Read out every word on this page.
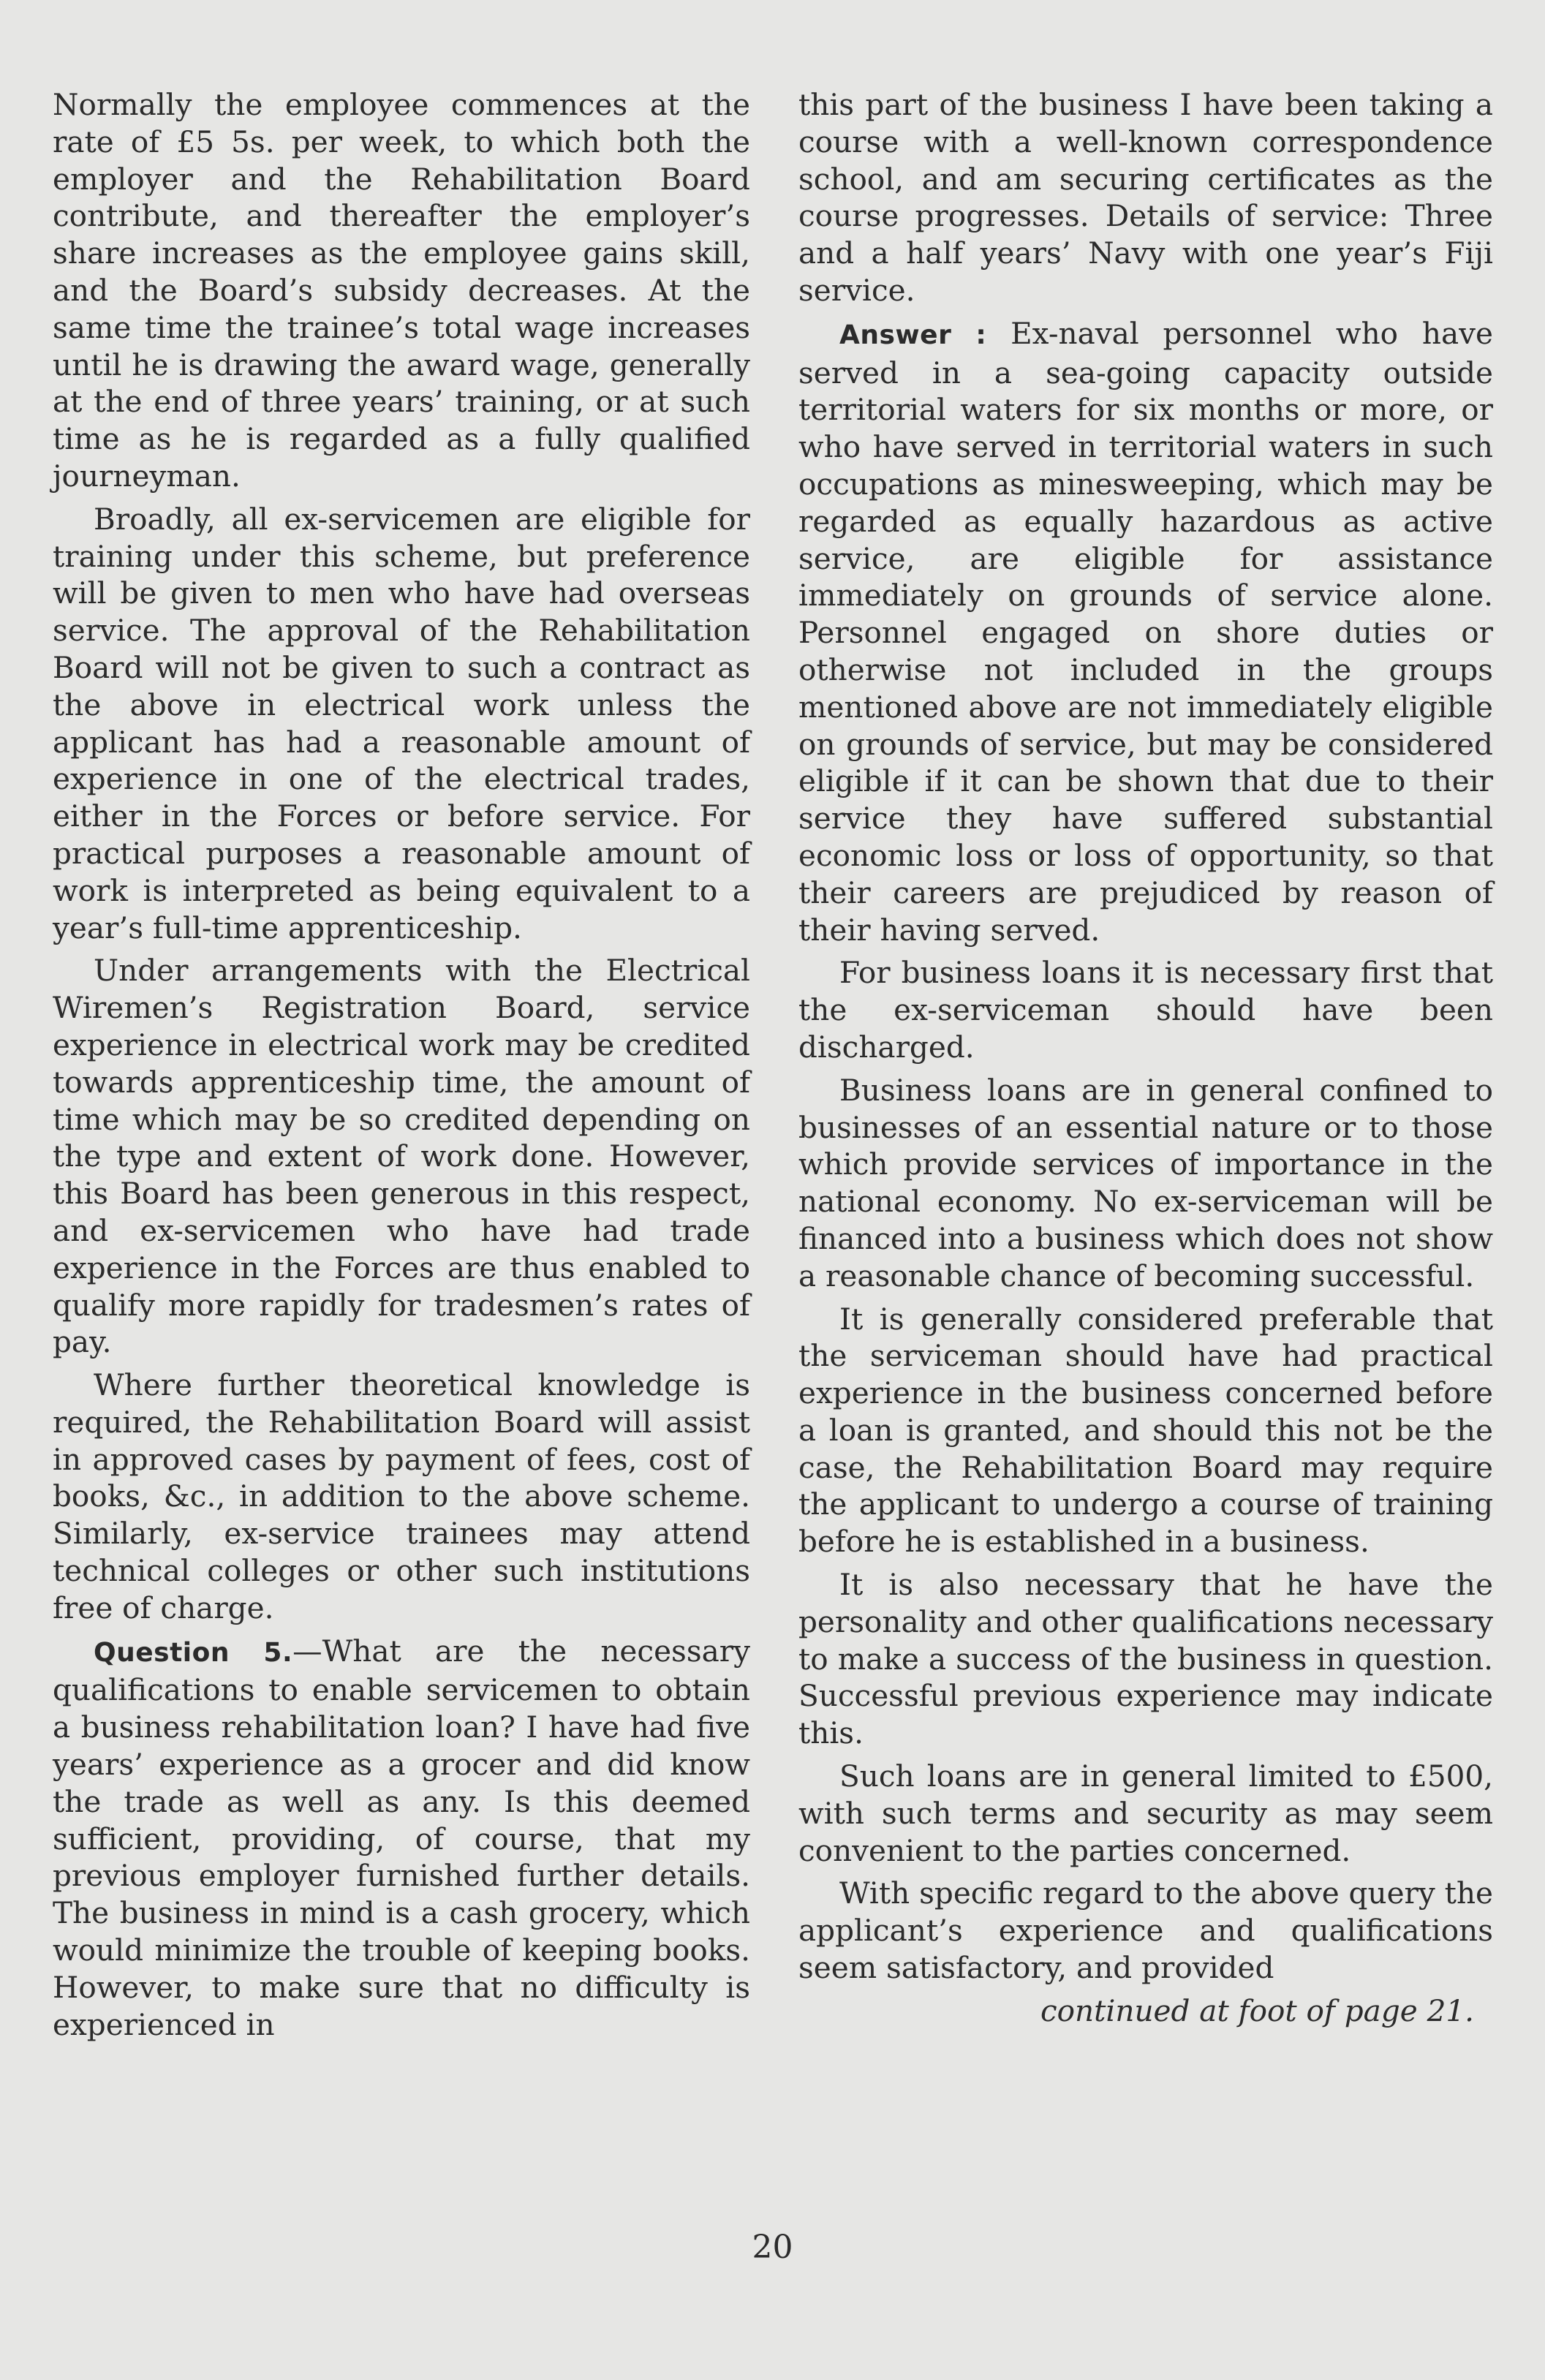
Normally the employee commences at the rate of £5 5s. per week, to which both the employer and the Rehabilitation Board contribute, and thereafter the employer’s share increases as the employee gains skill, and the Board’s subsidy decreases. At the same time the trainee’s total wage increases until he is drawing the award wage, generally at the end of three years’ training, or at such time as he is regarded as a fully qualified journeyman.

Broadly, all ex-servicemen are eligible for training under this scheme, but preference will be given to men who have had overseas service. The approval of the Rehabilitation Board will not be given to such a contract as the above in electrical work unless the applicant has had a reasonable amount of experience in one of the electrical trades, either in the Forces or before service. For practical purposes a reasonable amount of work is interpreted as being equivalent to a year’s full-time apprenticeship.

Under arrangements with the Electrical Wiremen’s Registration Board, service experience in electrical work may be credited towards apprenticeship time, the amount of time which may be so credited depending on the type and extent of work done. However, this Board has been generous in this respect, and ex-servicemen who have had trade experience in the Forces are thus enabled to qualify more rapidly for tradesmen’s rates of pay.

Where further theoretical knowledge is required, the Rehabilitation Board will assist in approved cases by payment of fees, cost of books, &c., in addition to the above scheme. Similarly, ex-service trainees may attend technical colleges or other such institutions free of charge.

Question 5.—What are the necessary qualifications to enable servicemen to obtain a business rehabilitation loan? I have had five years’ experience as a grocer and did know the trade as well as any. Is this deemed sufficient, providing, of course, that my previous employer furnished further details. The business in mind is a cash grocery, which would minimize the trouble of keeping books. However, to make sure that no difficulty is experienced in

this part of the business I have been taking a course with a well-known correspondence school, and am securing certificates as the course progresses. Details of service: Three and a half years’ Navy with one year’s Fiji service.

Answer : Ex-naval personnel who have served in a sea-going capacity outside territorial waters for six months or more, or who have served in territorial waters in such occupations as minesweeping, which may be regarded as equally hazardous as active service, are eligible for assistance immediately on grounds of service alone. Personnel engaged on shore duties or otherwise not included in the groups mentioned above are not immediately eligible on grounds of service, but may be considered eligible if it can be shown that due to their service they have suffered substantial economic loss or loss of opportunity, so that their careers are prejudiced by reason of their having served.

For business loans it is necessary first that the ex-serviceman should have been discharged.

Business loans are in general confined to businesses of an essential nature or to those which provide services of importance in the national economy. No ex-serviceman will be financed into a business which does not show a reasonable chance of becoming successful.

It is generally considered preferable that the serviceman should have had practical experience in the business concerned before a loan is granted, and should this not be the case, the Rehabilitation Board may require the applicant to undergo a course of training before he is established in a business.

It is also necessary that he have the personality and other qualifications necessary to make a success of the business in question. Successful previous experience may indicate this.

Such loans are in general limited to £500, with such terms and security as may seem convenient to the parties concerned.

With specific regard to the above query the applicant’s experience and qualifications seem satisfactory, and provided

continued at foot of page 21.

20
